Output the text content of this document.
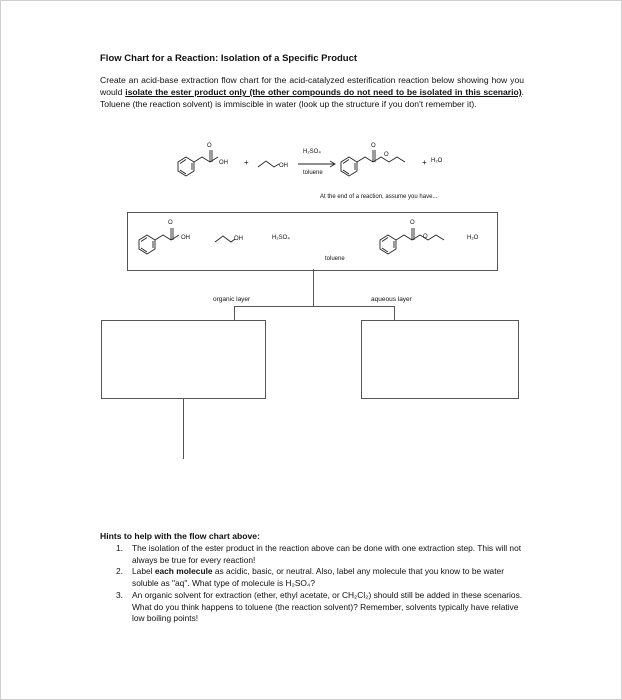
Flow Chart for a Reaction: Isolation of a Specific Product
Create an acid-base extraction flow chart for the acid-catalyzed esterification reaction below showing how you would isolate the ester product only (the other compounds do not need to be isolated in this scenario). Toluene (the reaction solvent) is immiscible in water (look up the structure if you don't remember it).
O
OH +	OH
H₂SO₄
toluene
O
O
+ H₂O
At the end of a reaction, assume you have...
O
OH	OH	H₂SO₄
O
O	H₂O
toluene
organic layer	aqueous layer
Hints to help with the flow chart above:
1. The isolation of the ester product in the reaction above can be done with one extraction step. This will not always be true for every reaction!
2. Label each molecule as acidic, basic, or neutral. Also, label any molecule that you know to be water soluble as "aq". What type of molecule is H₂SO₄?
3. An organic solvent for extraction (ether, ethyl acetate, or CH₂Cl₂) should still be added in these scenarios. What do you think happens to toluene (the reaction solvent)? Remember, solvents typically have relative low boiling points!
